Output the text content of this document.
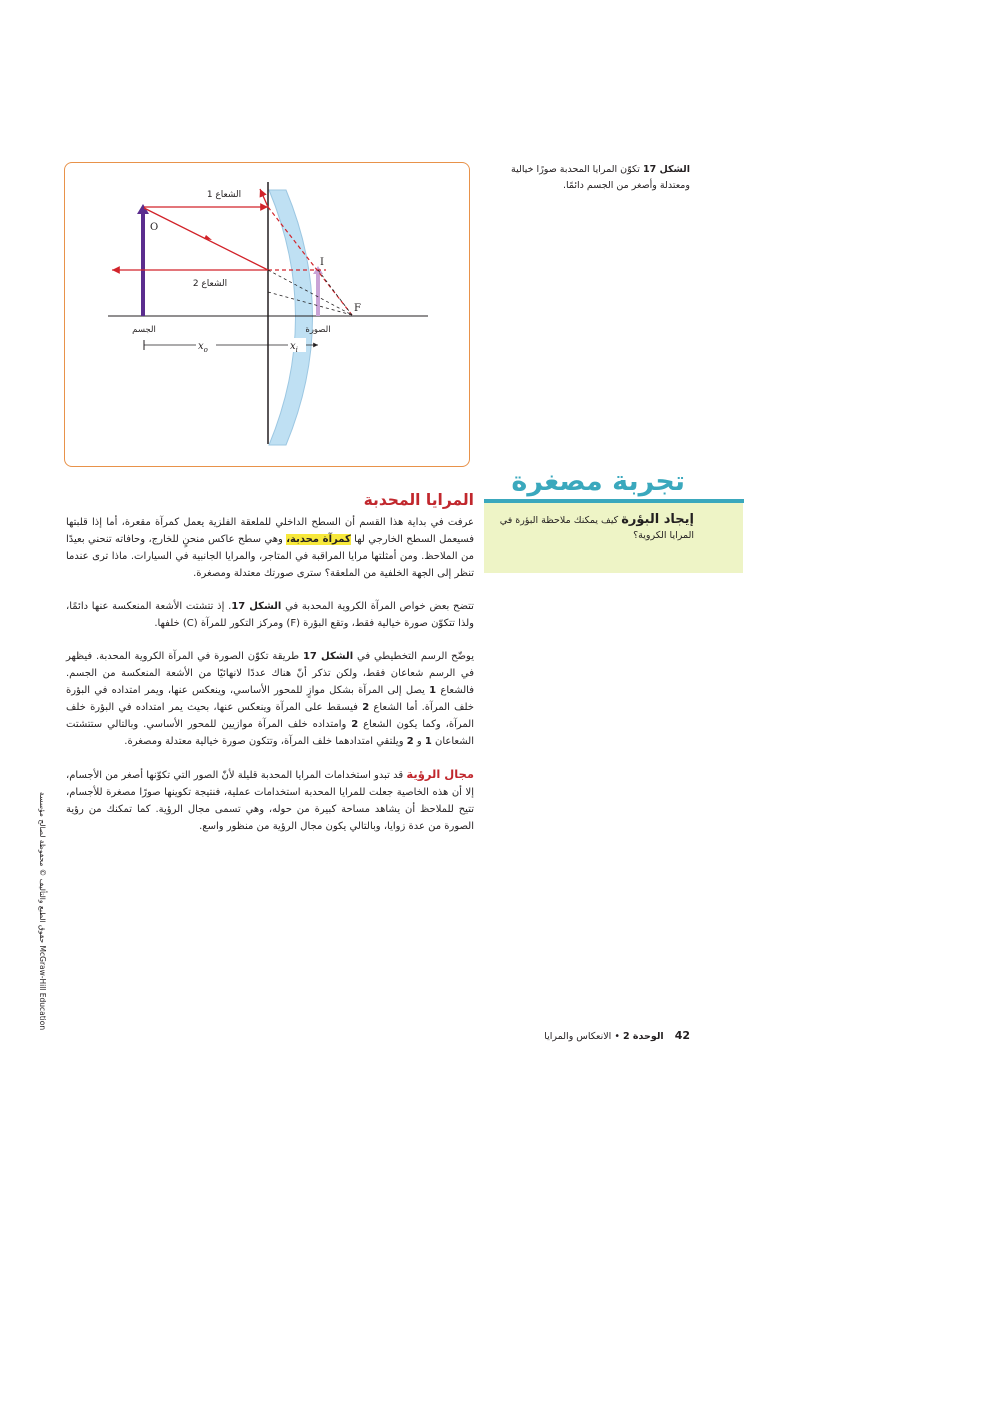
الشعاع 1
الشعاع 2
O
I
F
الجسم	الصورة
$x_o$	$x_i$
الشكل 17 تكوّن المرايا المحدبة صورًا خيالية ومعتدلة وأصغر من الجسم دائمًا.
تجربة مصغرة
إيجاد البؤرة كيف يمكنك ملاحظة البؤرة في المرايا الكروية؟
المرايا المحدبة

عرفت في بداية هذا القسم أن السطح الداخلي للملعقة الفلزية يعمل كمرآة مقعرة، أما إذا قلبتها فسيعمل السطح الخارجي لها كمرآة محدبة، وهي سطح عاكس منحنٍ للخارج، وحافاته تنحني بعيدًا من الملاحظ. ومن أمثلتها مرايا المراقبة في المتاجر، والمرايا الجانبية في السيارات. ماذا ترى عندما تنظر إلى الجهة الخلفية من الملعقة؟ سترى صورتك معتدلة ومصغرة.

تتضح بعض خواص المرآة الكروية المحدبة في الشكل 17. إذ تتشتت الأشعة المنعكسة عنها دائمًا، ولذا تتكوّن صورة خيالية فقط، وتقع البؤرة (F) ومركز التكور للمرآة (C) خلفها.

يوضّح الرسم التخطيطي في الشكل 17 طريقة تكوّن الصورة في المرآة الكروية المحدبة. فيظهر في الرسم شعاعان فقط، ولكن تذكر أنّ هناك عددًا لانهائيًا من الأشعة المنعكسة من الجسم. فالشعاع 1 يصل إلى المرآة بشكل موازٍ للمحور الأساسي، وينعكس عنها، ويمر امتداده في البؤرة خلف المرآة. أما الشعاع 2 فيسقط على المرآة وينعكس عنها، بحيث يمر امتداده في البؤرة خلف المرآة، وكما يكون الشعاع 2 وامتداده خلف المرآة موازيين للمحور الأساسي. وبالتالي ستتشتت الشعاعان 1 و 2 ويلتقي امتدادهما خلف المرآة، وتتكون صورة خيالية معتدلة ومصغرة.

مجال الرؤية قد تبدو استخدامات المرايا المحدبة قليلة لأنّ الصور التي تكوّنها أصغر من الأجسام، إلا أن هذه الخاصية جعلت للمرايا المحدبة استخدامات عملية، فنتيجة تكوينها صورًا مصغرة للأجسام، تتيح للملاحظ أن يشاهد مساحة كبيرة من حوله، وهي تسمى مجال الرؤية. كما تمكنك من رؤية الصورة من عدة زوايا، وبالتالي يكون مجال الرؤية من منظور واسع.

42 الوحدة 2 • الانعكاس والمرايا
حقوق الطبع والتأليف © محفوظة لصالح مؤسسة McGraw-Hill Education
